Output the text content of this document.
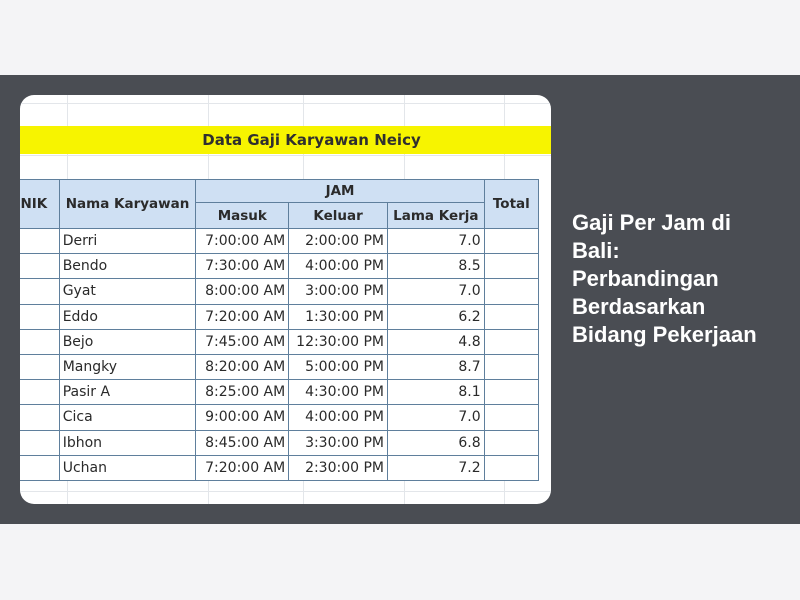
Data Gaji Karyawan Neicy
NIK	Nama Karyawan	JAM			Total
		Masuk	Keluar	Lama Kerja	
	Derri	7:00:00 AM	2:00:00 PM	7.0	
	Bendo	7:30:00 AM	4:00:00 PM	8.5	
	Gyat	8:00:00 AM	3:00:00 PM	7.0	
	Eddo	7:20:00 AM	1:30:00 PM	6.2	
	Bejo	7:45:00 AM	12:30:00 PM	4.8	
	Mangky	8:20:00 AM	5:00:00 PM	8.7	
	Pasir A	8:25:00 AM	4:30:00 PM	8.1	
	Cica	9:00:00 AM	4:00:00 PM	7.0	
	Ibhon	8:45:00 AM	3:30:00 PM	6.8	
	Uchan	7:20:00 AM	2:30:00 PM	7.2	
Gaji Per Jam di Bali: Perbandingan Berdasarkan Bidang Pekerjaan
